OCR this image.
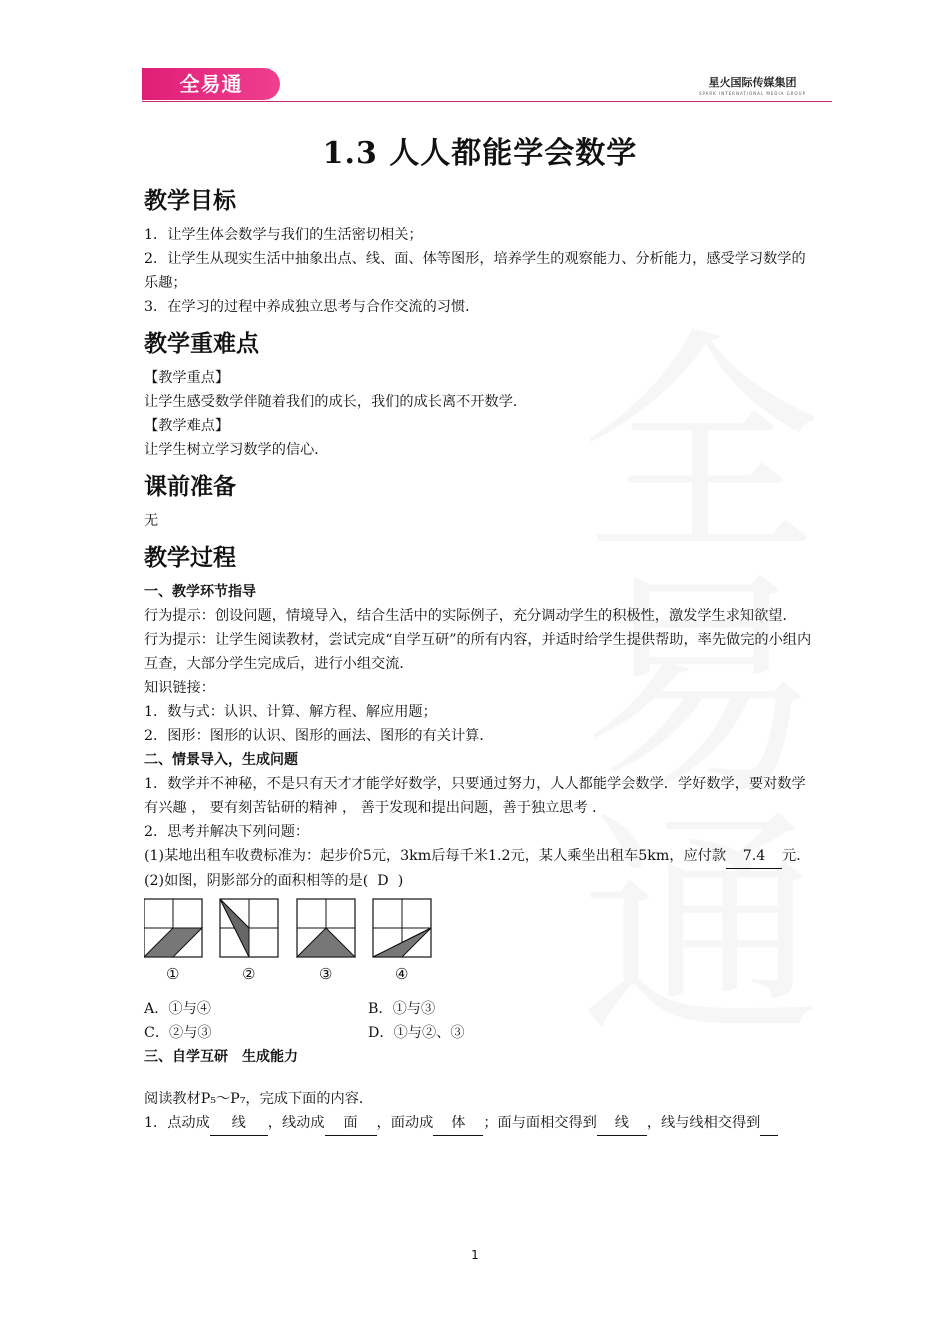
全易通	星火国际传媒集团
SPARK INTERNATIONAL MEDIA GROUP
1.3 人人都能学会数学
教学目标

1．让学生体会数学与我们的生活密切相关；

2．让学生从现实生活中抽象出点、线、面、体等图形，培养学生的观察能力、分析能力，感受学习数学的乐趣；

3．在学习的过程中养成独立思考与合作交流的习惯．

教学重难点

【教学重点】

让学生感受数学伴随着我们的成长，我们的成长离不开数学．

【教学难点】

让学生树立学习数学的信心．

课前准备

无

教学过程
一、教学环节指导

行为提示：创设问题，情境导入，结合生活中的实际例子，充分调动学生的积极性，激发学生求知欲望．

行为提示：让学生阅读教材，尝试完成“自学互研”的所有内容，并适时给学生提供帮助，率先做完的小组内互查，大部分学生完成后，进行小组交流．

知识链接：

1．数与式：认识、计算、解方程、解应用题；

2．图形：图形的认识、图形的画法、图形的有关计算．

二、情景导入，生成问题

1．数学并不神秘，不是只有天才才能学好数学，只要通过努力，人人都能学会数学．学好数学，要对数学有兴趣 ， 要有刻苦钻研的精神 ， 善于发现和提出问题，善于独立思考 ．

2．思考并解决下列问题：

(1)某地出租车收费标准为：起步价5元，3km后每千米1.2元，某人乘坐出租车5km，应付款 7.4 元．

(2)如图，阴影部分的面积相等的是( D )

①	②	③	④
A．①与④	B．①与③
C．②与③	D．①与②、③
三、自学互研　生成能力

阅读教材P₅～P₇，完成下面的内容．

1．点动成 线 ，线动成 面 ，面动成 体 ；面与面相交得到 线 ，线与线相交得到

1
